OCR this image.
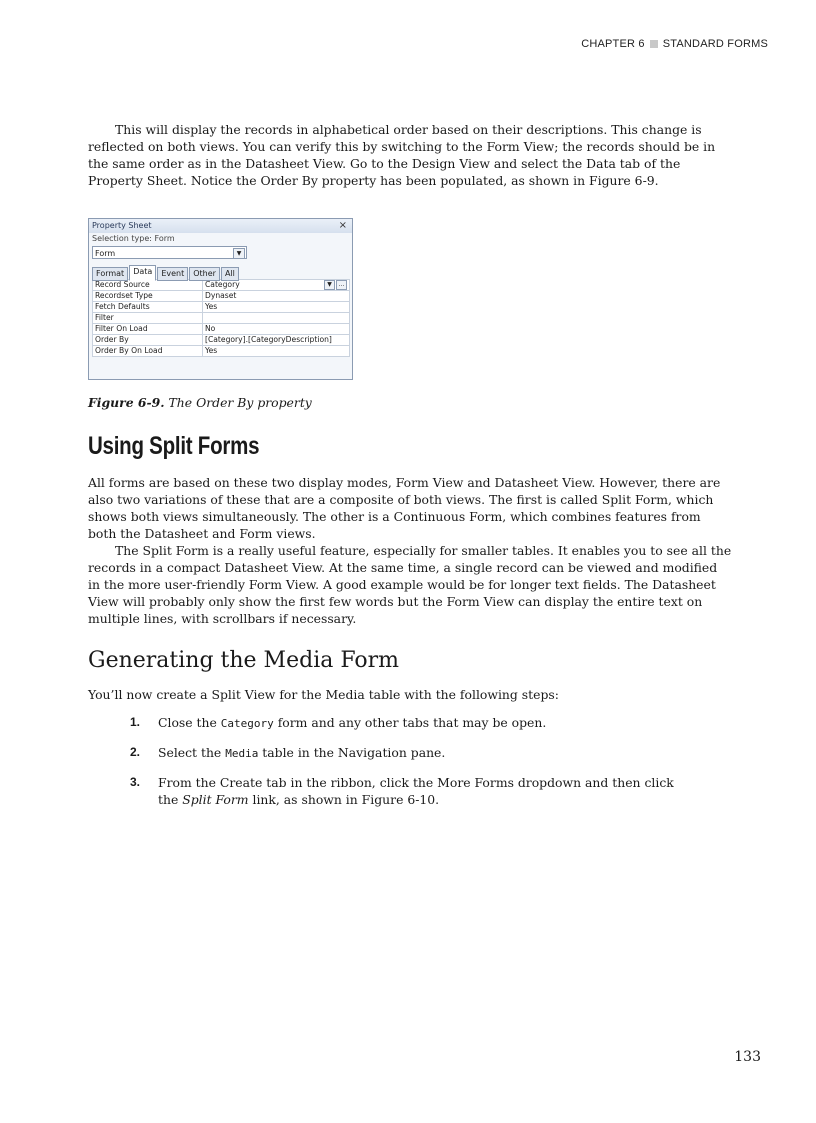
CHAPTER 6 STANDARD FORMS

This will display the records in alphabetical order based on their descriptions. This change is reflected on both views. You can verify this by switching to the Form View; the records should be in the same order as in the Datasheet View. Go to the Design View and select the Data tab of the Property Sheet. Notice the Order By property has been populated, as shown in Figure 6-9.

Property Sheet	×
Selection type: Form
Form	▼
Format	Data	Event	Other	All
Record Source	Category ▼ …

Recordset Type	Dynaset
Fetch Defaults	Yes
Filter	
Filter On Load	No
Order By	[Category].[CategoryDescription]
Order By On Load	Yes

Figure 6-9. The Order By property

Using Split Forms

All forms are based on these two display modes, Form View and Datasheet View. However, there are also two variations of these that are a composite of both views. The first is called Split Form, which shows both views simultaneously. The other is a Continuous Form, which combines features from both the Datasheet and Form views.

The Split Form is a really useful feature, especially for smaller tables. It enables you to see all the records in a compact Datasheet View. At the same time, a single record can be viewed and modified in the more user-friendly Form View. A good example would be for longer text fields. The Datasheet View will probably only show the first few words but the Form View can display the entire text on multiple lines, with scrollbars if necessary.

Generating the Media Form

You’ll now create a Split View for the Media table with the following steps:

1.	Close the Category form and any other tabs that may be open.
2.	Select the Media table in the Navigation pane.
3.	From the Create tab in the ribbon, click the More Forms dropdown and then click the Split Form link, as shown in Figure 6-10.
133
